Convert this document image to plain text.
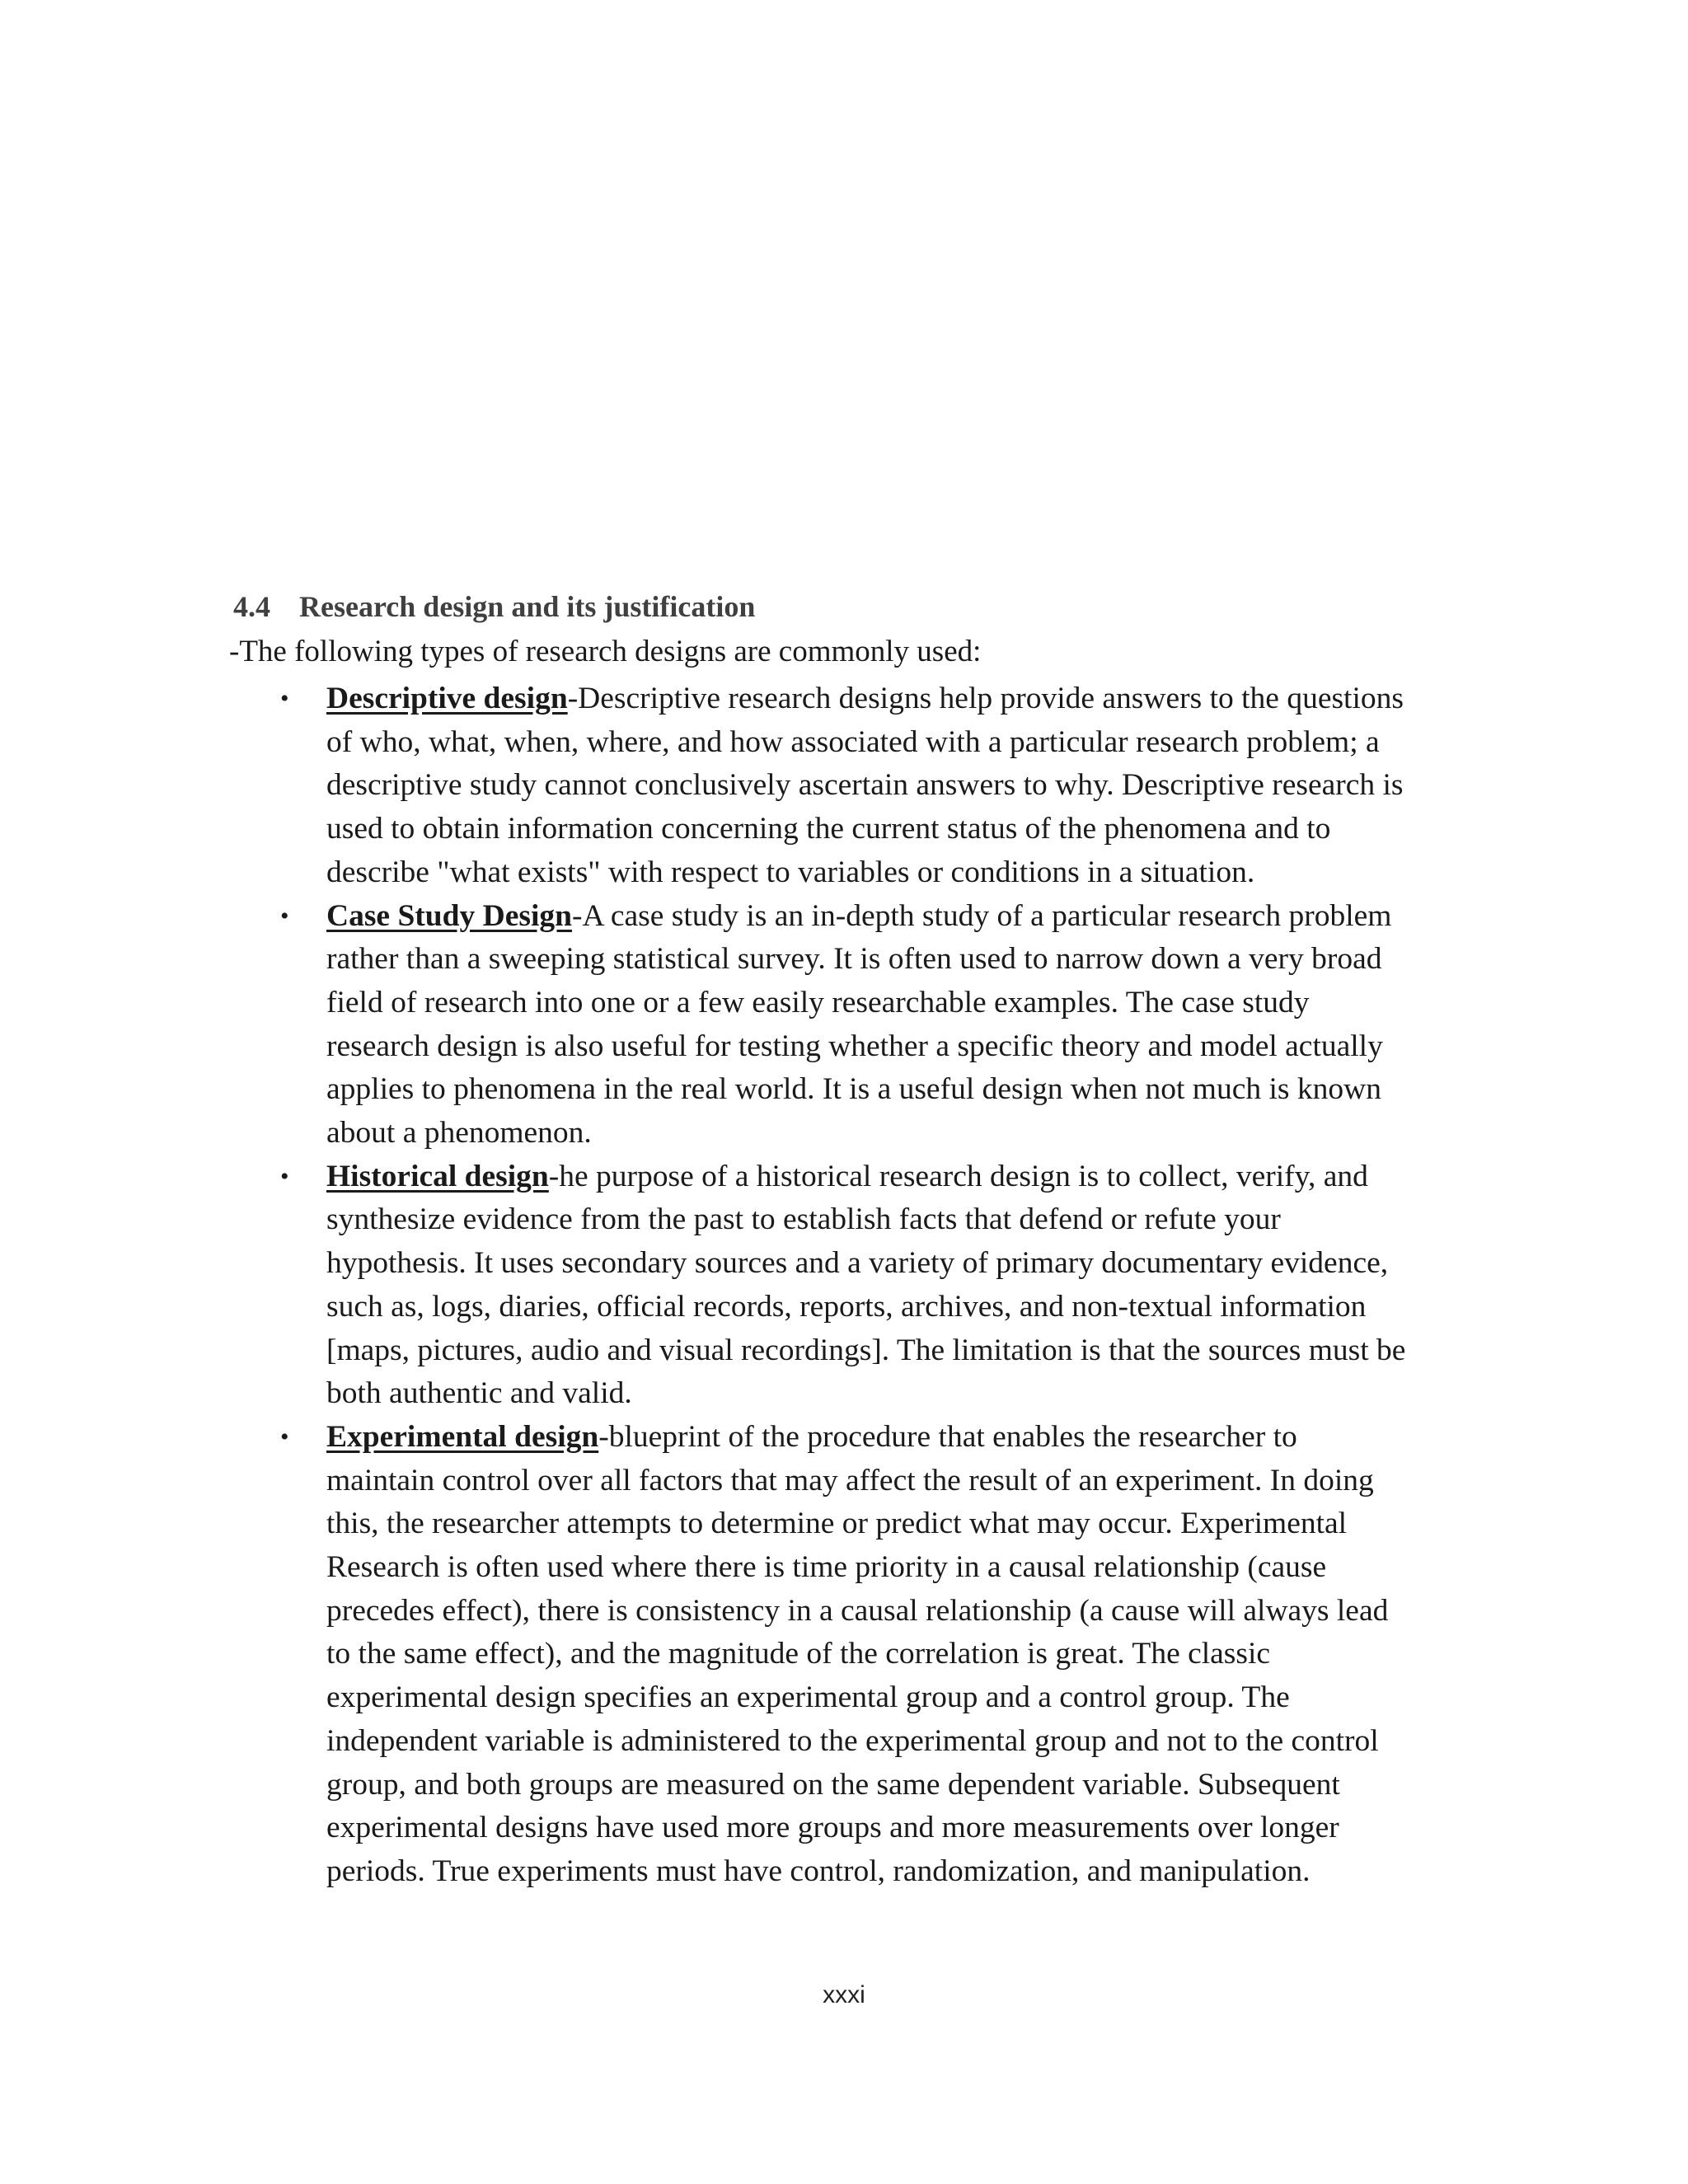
4.4 Research design and its justification
-The following types of research designs are commonly used:
• Descriptive design-Descriptive research designs help provide answers to the questions
of who, what, when, where, and how associated with a particular research problem; a
descriptive study cannot conclusively ascertain answers to why. Descriptive research is
used to obtain information concerning the current status of the phenomena and to
describe "what exists" with respect to variables or conditions in a situation.
• Case Study Design-A case study is an in-depth study of a particular research problem
rather than a sweeping statistical survey. It is often used to narrow down a very broad
field of research into one or a few easily researchable examples. The case study
research design is also useful for testing whether a specific theory and model actually
applies to phenomena in the real world. It is a useful design when not much is known
about a phenomenon.
• Historical design-he purpose of a historical research design is to collect, verify, and
synthesize evidence from the past to establish facts that defend or refute your
hypothesis. It uses secondary sources and a variety of primary documentary evidence,
such as, logs, diaries, official records, reports, archives, and non-textual information
[maps, pictures, audio and visual recordings]. The limitation is that the sources must be
both authentic and valid.
• Experimental design-blueprint of the procedure that enables the researcher to
maintain control over all factors that may affect the result of an experiment. In doing
this, the researcher attempts to determine or predict what may occur. Experimental
Research is often used where there is time priority in a causal relationship (cause
precedes effect), there is consistency in a causal relationship (a cause will always lead
to the same effect), and the magnitude of the correlation is great. The classic
experimental design specifies an experimental group and a control group. The
independent variable is administered to the experimental group and not to the control
group, and both groups are measured on the same dependent variable. Subsequent
experimental designs have used more groups and more measurements over longer
periods. True experiments must have control, randomization, and manipulation.
xxxi
